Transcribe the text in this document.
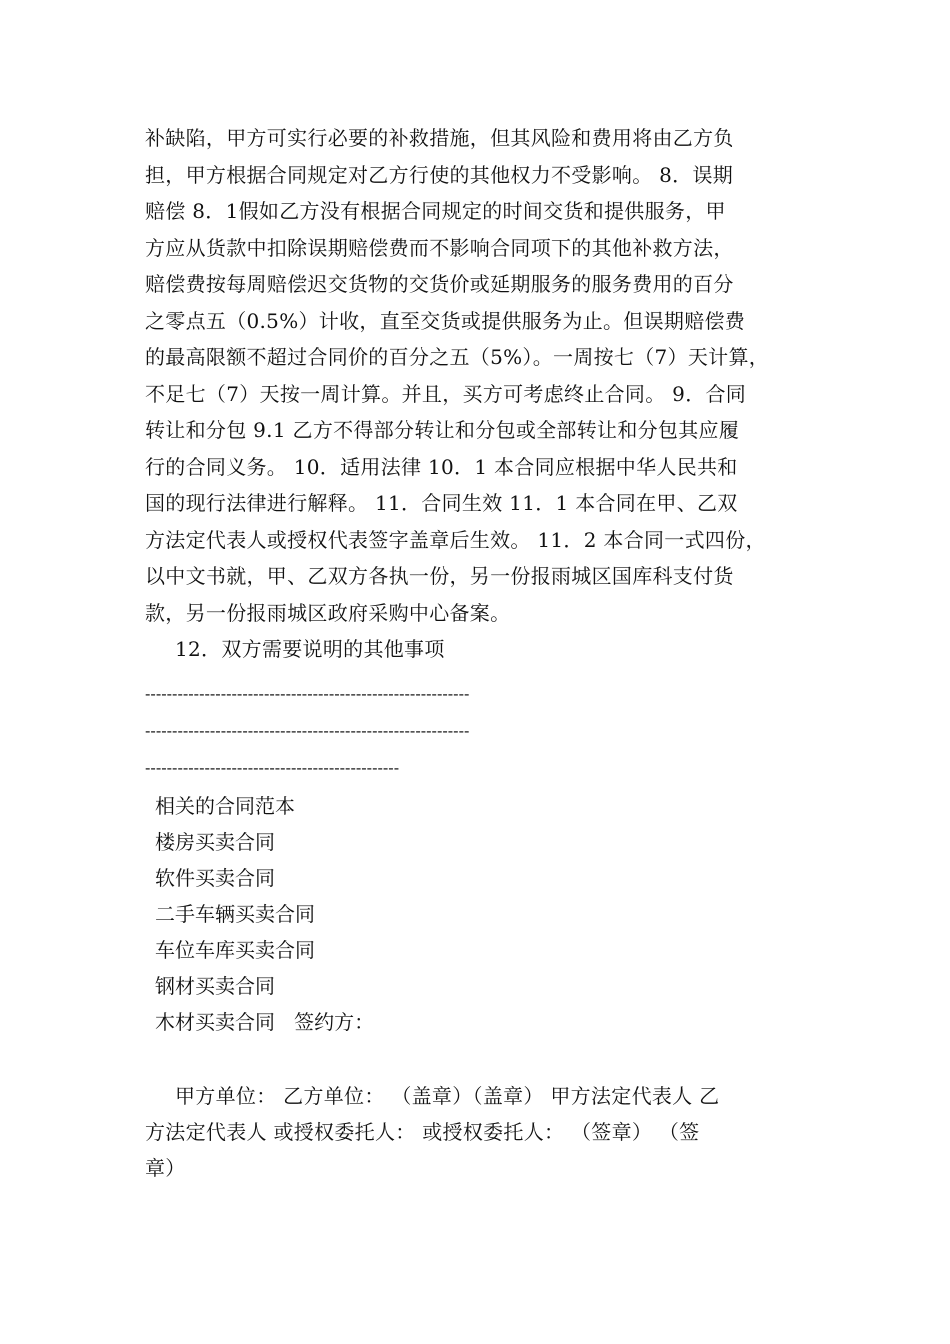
补缺陷，甲方可实行必要的补救措施，但其风险和费用将由乙方负
担，甲方根据合同规定对乙方行使的其他权力不受影响。 8．误期
赔偿 8．1假如乙方没有根据合同规定的时间交货和提供服务，甲
方应从货款中扣除误期赔偿费而不影响合同项下的其他补救方法，
赔偿费按每周赔偿迟交货物的交货价或延期服务的服务费用的百分
之零点五（0.5%）计收，直至交货或提供服务为止。但误期赔偿费
的最高限额不超过合同价的百分之五（5%）。一周按七（7）天计算，
不足七（7）天按一周计算。并且，买方可考虑终止合同。 9．合同
转让和分包 9.1 乙方不得部分转让和分包或全部转让和分包其应履
行的合同义务。 10．适用法律 10．1 本合同应根据中华人民共和
国的现行法律进行解释。 11．合同生效 11．1 本合同在甲、乙双
方法定代表人或授权代表签字盖章后生效。 11．2 本合同一式四份，
以中文书就，甲、乙双方各执一份，另一份报雨城区国库科支付货
款，另一份报雨城区政府采购中心备案。
12．双方需要说明的其他事项
------------------------------------------------------------
------------------------------------------------------------
-----------------------------------------------
相关的合同范本
楼房买卖合同
软件买卖合同
二手车辆买卖合同
车位车库买卖合同
钢材买卖合同
木材买卖合同 签约方：
甲方单位： 乙方单位： （盖章）（盖章） 甲方法定代表人 乙
方法定代表人 或授权委托人： 或授权委托人： （签章） （签
章）
